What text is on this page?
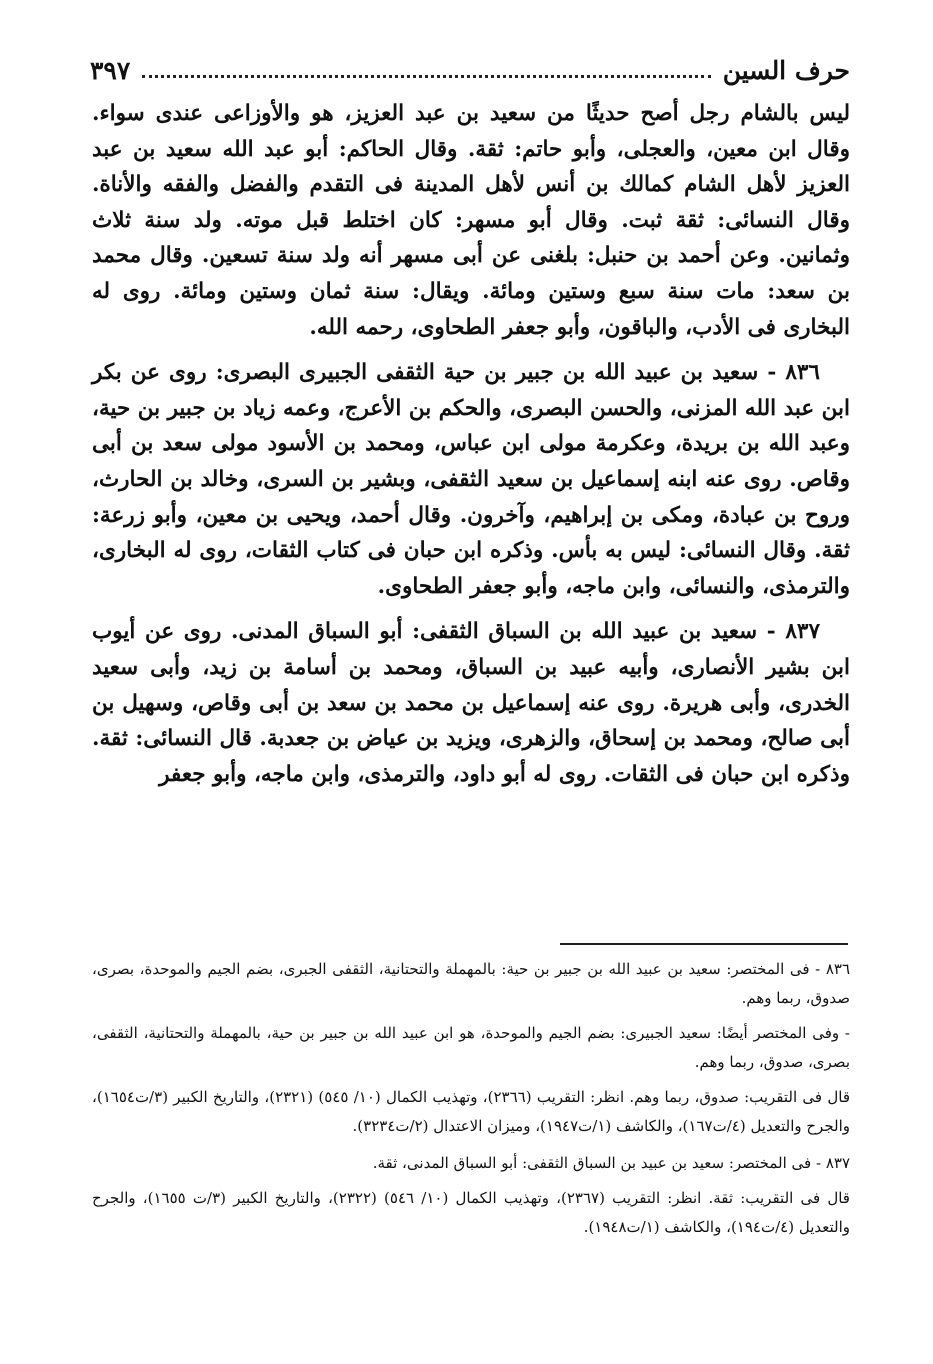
حرف السين
٣٩٧

ليس بالشام رجل أصح حديثًا من سعيد بن عبد العزيز، هو والأوزاعى عندى سواء. وقال ابن معين، والعجلى، وأبو حاتم: ثقة. وقال الحاكم: أبو عبد الله سعيد بن عبد العزيز لأهل الشام كمالك بن أنس لأهل المدينة فى التقدم والفضل والفقه والأناة. وقال النسائى: ثقة ثبت. وقال أبو مسهر: كان اختلط قبل موته. ولد سنة ثلاث وثمانين. وعن أحمد بن حنبل: بلغنى عن أبى مسهر أنه ولد سنة تسعين. وقال محمد بن سعد: مات سنة سبع وستين ومائة. ويقال: سنة ثمان وستين ومائة. روى له البخارى فى الأدب، والباقون، وأبو جعفر الطحاوى، رحمه الله.

٨٣٦ - سعيد بن عبيد الله بن جبير بن حية الثقفى الجبيرى البصرى: روى عن بكر ابن عبد الله المزنى، والحسن البصرى، والحكم بن الأعرج، وعمه زياد بن جبير بن حية، وعبد الله بن بريدة، وعكرمة مولى ابن عباس، ومحمد بن الأسود مولى سعد بن أبى وقاص. روى عنه ابنه إسماعيل بن سعيد الثقفى، وبشير بن السرى، وخالد بن الحارث، وروح بن عبادة، ومكى بن إبراهيم، وآخرون. وقال أحمد، ويحيى بن معين، وأبو زرعة: ثقة. وقال النسائى: ليس به بأس. وذكره ابن حبان فى كتاب الثقات، روى له البخارى، والترمذى، والنسائى، وابن ماجه، وأبو جعفر الطحاوى.

٨٣٧ - سعيد بن عبيد الله بن السباق الثقفى: أبو السباق المدنى. روى عن أيوب ابن بشير الأنصارى، وأبيه عبيد بن السباق، ومحمد بن أسامة بن زيد، وأبى سعيد الخدرى، وأبى هريرة. روى عنه إسماعيل بن محمد بن سعد بن أبى وقاص، وسهيل بن أبى صالح، ومحمد بن إسحاق، والزهرى، ويزيد بن عياض بن جعدبة. قال النسائى: ثقة. وذكره ابن حبان فى الثقات. روى له أبو داود، والترمذى، وابن ماجه، وأبو جعفر

٨٣٦ - فى المختصر: سعيد بن عبيد الله بن جبير بن حية: بالمهملة والتحتانية، الثقفى الجبرى، بضم الجيم والموحدة، بصرى، صدوق، ربما وهم.

- وفى المختصر أيضًا: سعيد الجبيرى: بضم الجيم والموحدة، هو ابن عبيد الله بن جبير بن حية، بالمهملة والتحتانية، الثقفى، بصرى، صدوق، ربما وهم.

قال فى التقريب: صدوق، ربما وهم. انظر: التقريب (٢٣٦٦)، وتهذيب الكمال (١٠/ ٥٤٥) (٢٣٢١)، والتاريخ الكبير (٣/ت١٦٥٤)، والجرح والتعديل (٤/ت١٦٧)، والكاشف (١/ت١٩٤٧)، وميزان الاعتدال (٢/ت٣٢٣٤).

٨٣٧ - فى المختصر: سعيد بن عبيد بن السباق الثقفى: أبو السباق المدنى، ثقة.

قال فى التقريب: ثقة. انظر: التقريب (٢٣٦٧)، وتهذيب الكمال (١٠/ ٥٤٦) (٢٣٢٢)، والتاريخ الكبير (٣/ت ١٦٥٥)، والجرح والتعديل (٤/ت١٩٤)، والكاشف (١/ت١٩٤٨).
